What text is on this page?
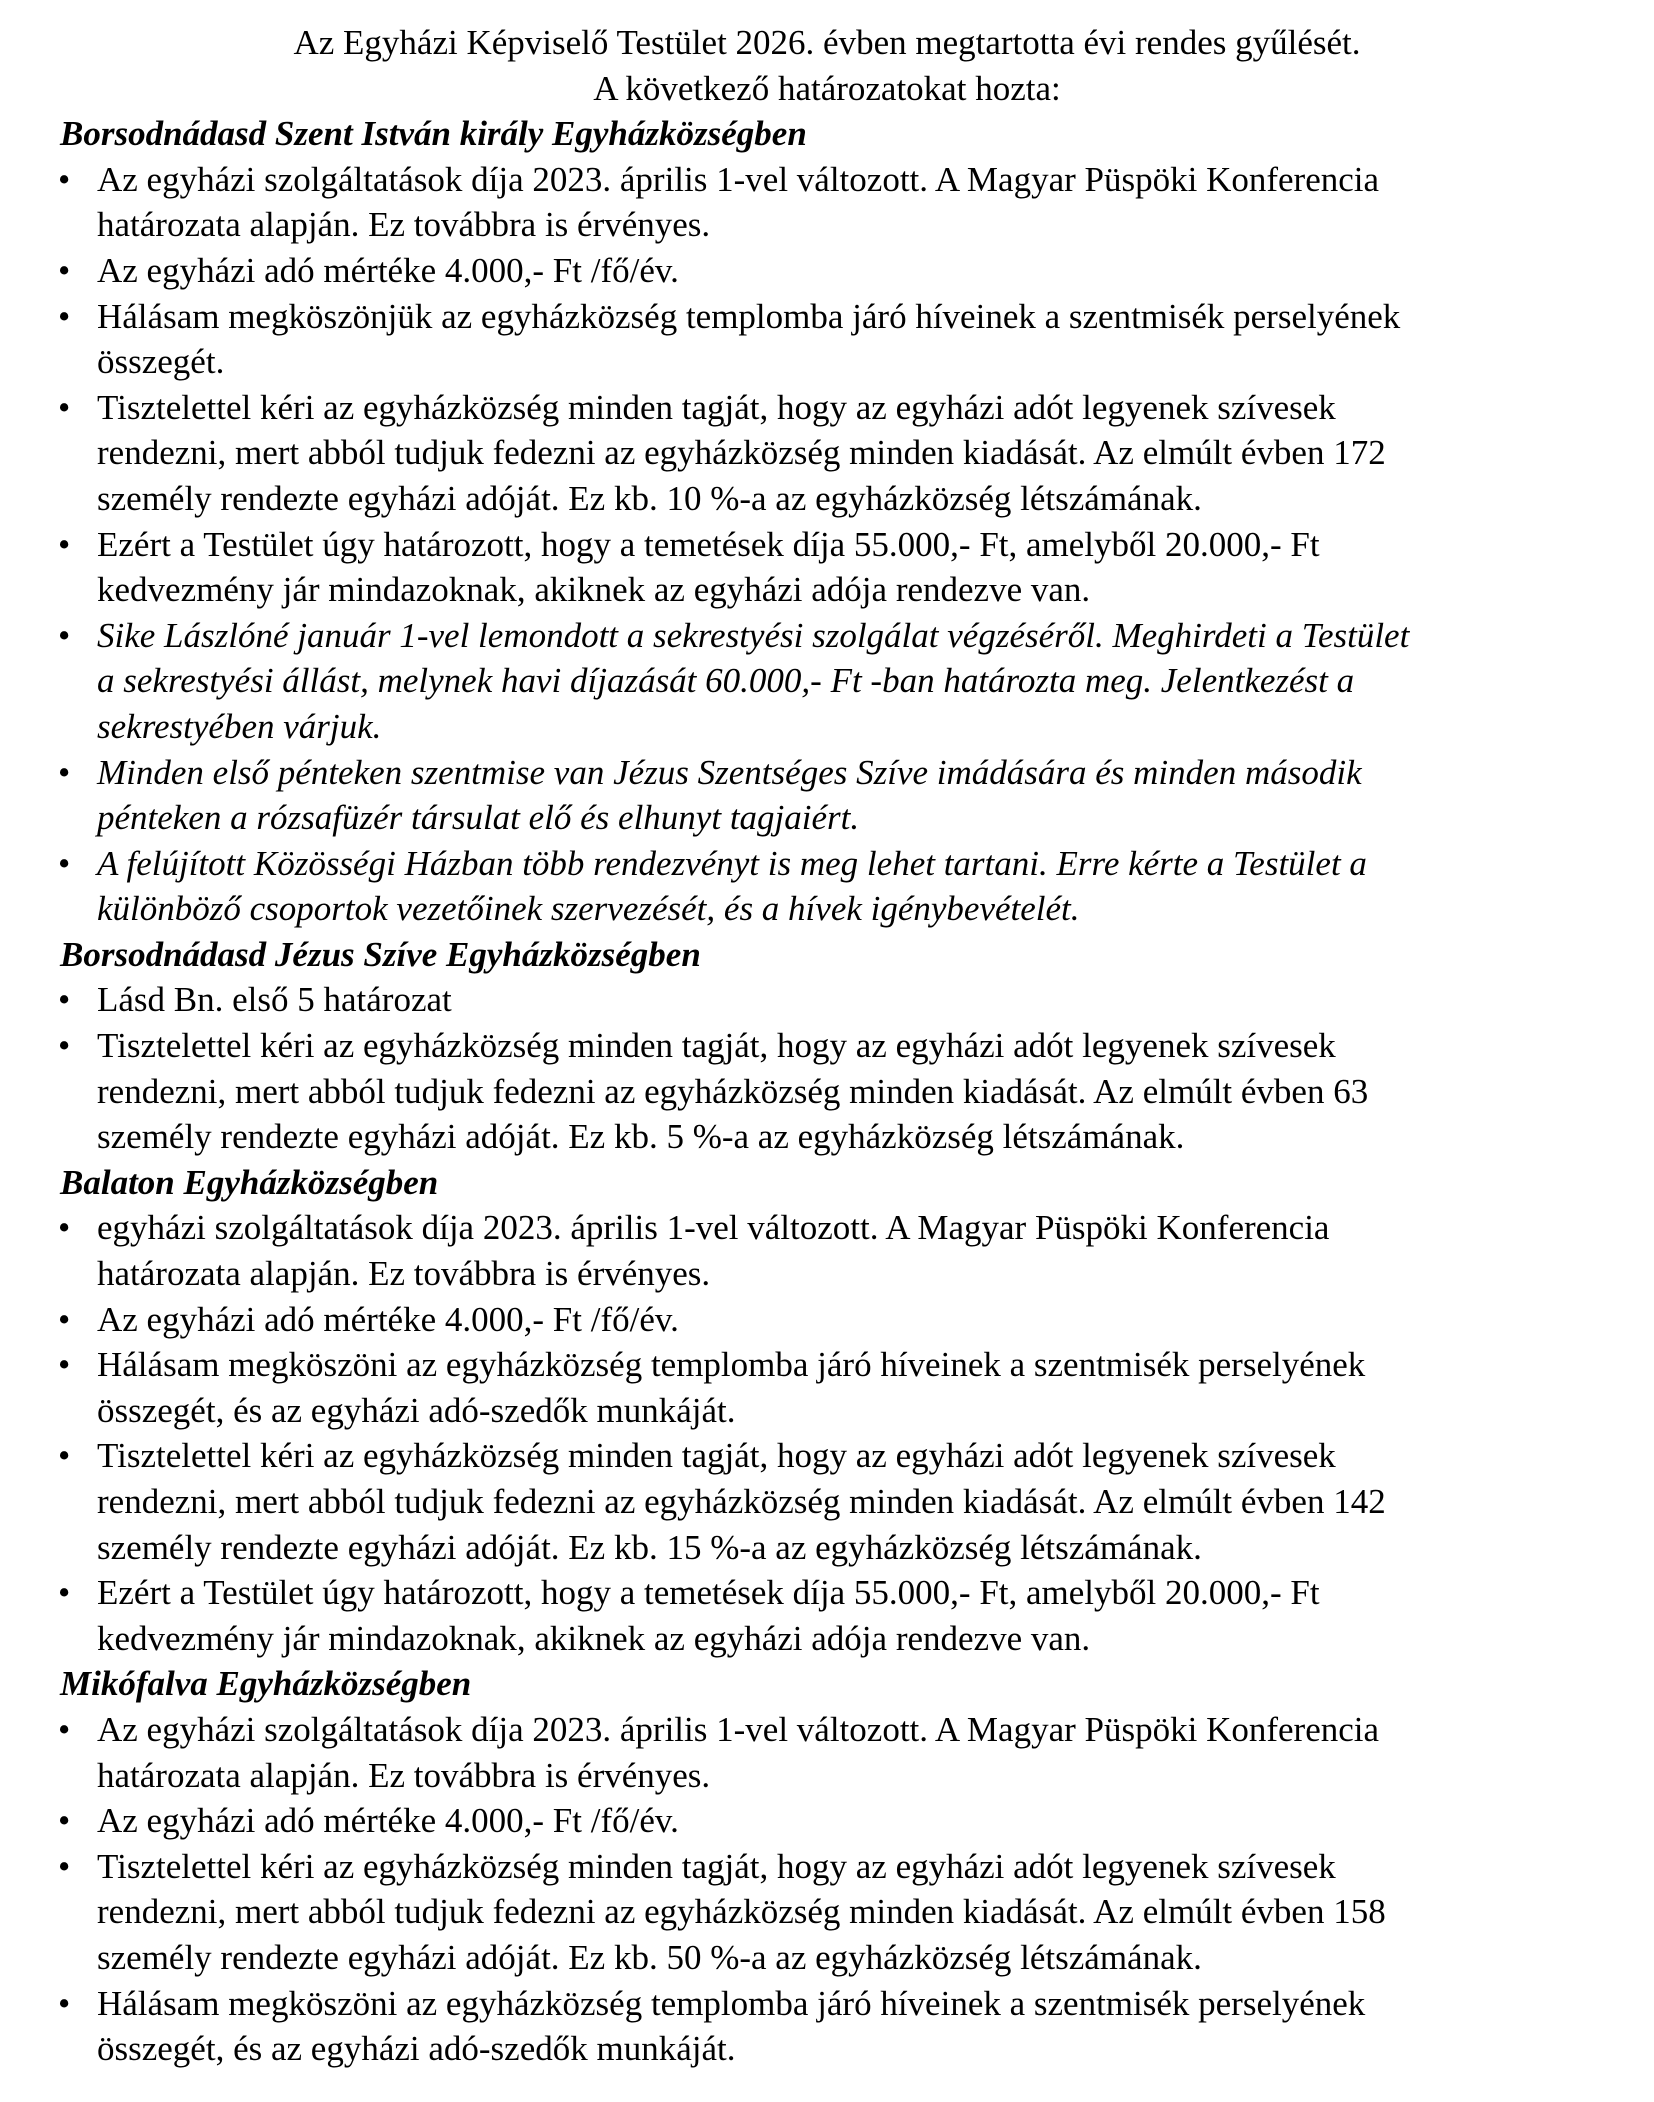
Az Egyházi Képviselő Testület 2026. évben megtartotta évi rendes gyűlését.
A következő határozatokat hozta:
Borsodnádasd Szent István király Egyházközségben
• Az egyházi szolgáltatások díja 2023. április 1-vel változott. A Magyar Püspöki Konferencia
határozata alapján. Ez továbbra is érvényes.
• Az egyházi adó mértéke 4.000,- Ft /fő/év.
• Hálásam megköszönjük az egyházközség templomba járó híveinek a szentmisék perselyének
összegét.
• Tisztelettel kéri az egyházközség minden tagját, hogy az egyházi adót legyenek szívesek
rendezni, mert abból tudjuk fedezni az egyházközség minden kiadását. Az elmúlt évben 172
személy rendezte egyházi adóját. Ez kb. 10 %-a az egyházközség létszámának.
• Ezért a Testület úgy határozott, hogy a temetések díja 55.000,- Ft, amelyből 20.000,- Ft
kedvezmény jár mindazoknak, akiknek az egyházi adója rendezve van.
• Sike Lászlóné január 1-vel lemondott a sekrestyési szolgálat végzéséről. Meghirdeti a Testület
a sekrestyési állást, melynek havi díjazását 60.000,- Ft -ban határozta meg. Jelentkezést a
sekrestyében várjuk.
• Minden első pénteken szentmise van Jézus Szentséges Szíve imádására és minden második
pénteken a rózsafüzér társulat elő és elhunyt tagjaiért.
• A felújított Közösségi Házban több rendezvényt is meg lehet tartani. Erre kérte a Testület a
különböző csoportok vezetőinek szervezését, és a hívek igénybevételét.
Borsodnádasd Jézus Szíve Egyházközségben
• Lásd Bn. első 5 határozat
• Tisztelettel kéri az egyházközség minden tagját, hogy az egyházi adót legyenek szívesek
rendezni, mert abból tudjuk fedezni az egyházközség minden kiadását. Az elmúlt évben 63
személy rendezte egyházi adóját. Ez kb. 5 %-a az egyházközség létszámának.
Balaton Egyházközségben
• egyházi szolgáltatások díja 2023. április 1-vel változott. A Magyar Püspöki Konferencia
határozata alapján. Ez továbbra is érvényes.
• Az egyházi adó mértéke 4.000,- Ft /fő/év.
• Hálásam megköszöni az egyházközség templomba járó híveinek a szentmisék perselyének
összegét, és az egyházi adó-szedők munkáját.
• Tisztelettel kéri az egyházközség minden tagját, hogy az egyházi adót legyenek szívesek
rendezni, mert abból tudjuk fedezni az egyházközség minden kiadását. Az elmúlt évben 142
személy rendezte egyházi adóját. Ez kb. 15 %-a az egyházközség létszámának.
• Ezért a Testület úgy határozott, hogy a temetések díja 55.000,- Ft, amelyből 20.000,- Ft
kedvezmény jár mindazoknak, akiknek az egyházi adója rendezve van.
Mikófalva Egyházközségben
• Az egyházi szolgáltatások díja 2023. április 1-vel változott. A Magyar Püspöki Konferencia
határozata alapján. Ez továbbra is érvényes.
• Az egyházi adó mértéke 4.000,- Ft /fő/év.
• Tisztelettel kéri az egyházközség minden tagját, hogy az egyházi adót legyenek szívesek
rendezni, mert abból tudjuk fedezni az egyházközség minden kiadását. Az elmúlt évben 158
személy rendezte egyházi adóját. Ez kb. 50 %-a az egyházközség létszámának.
• Hálásam megköszöni az egyházközség templomba járó híveinek a szentmisék perselyének
összegét, és az egyházi adó-szedők munkáját.
